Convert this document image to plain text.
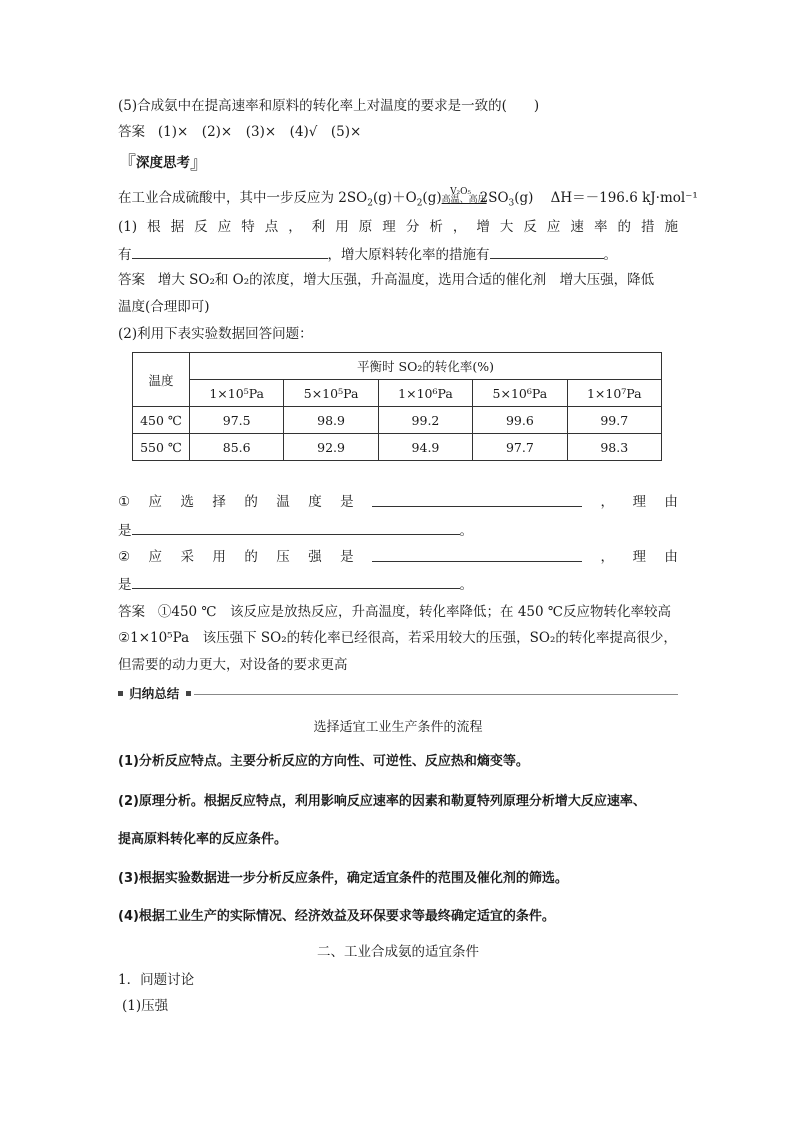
(5)合成氨中在提高速率和原料的转化率上对温度的要求是一致的(　　)
答案 (1)×　(2)×　(3)×　(4)√　(5)×
『深度思考』
在工业合成硫酸中，其中一步反应为 $2SO_2(g)+O_2(g)$ V₂O₅
高温、高压$2SO_3(g)$ ΔH＝－196.6 kJ·mol⁻¹
(1) 根 据 反 应 特 点 ， 利 用 原 理 分 析 ， 增 大 反 应 速 率 的 措 施
有	，增大原料转化率的措施有	。
答案 增大 SO₂和 O₂的浓度，增大压强，升高温度，选用合适的催化剂　增大压强，降低
温度(合理即可)
(2)利用下表实验数据回答问题：
温度	平衡时 SO₂的转化率(%)				
	1×10⁵Pa	5×10⁵Pa	1×10⁶Pa	5×10⁶Pa	1×10⁷Pa
450 ℃	97.5	98.9	99.2	99.6	99.7
550 ℃	85.6	92.9	94.9	97.7	98.3
① 应 选 择 的 温 度 是	， 理 由
是	。
② 应 采 用 的 压 强 是	， 理 由
是	。
答案 ①450 ℃　该反应是放热反应，升高温度，转化率降低；在 450 ℃反应物转化率较高
②1×10⁵Pa　该压强下 SO₂的转化率已经很高，若采用较大的压强，SO₂的转化率提高很少，
但需要的动力更大，对设备的要求更高
归纳总结
选择适宜工业生产条件的流程
(1)分析反应特点。主要分析反应的方向性、可逆性、反应热和熵变等。
(2)原理分析。根据反应特点，利用影响反应速率的因素和勒夏特列原理分析增大反应速率、
提高原料转化率的反应条件。
(3)根据实验数据进一步分析反应条件，确定适宜条件的范围及催化剂的筛选。
(4)根据工业生产的实际情况、经济效益及环保要求等最终确定适宜的条件。
二、工业合成氨的适宜条件
1．问题讨论
(1)压强
